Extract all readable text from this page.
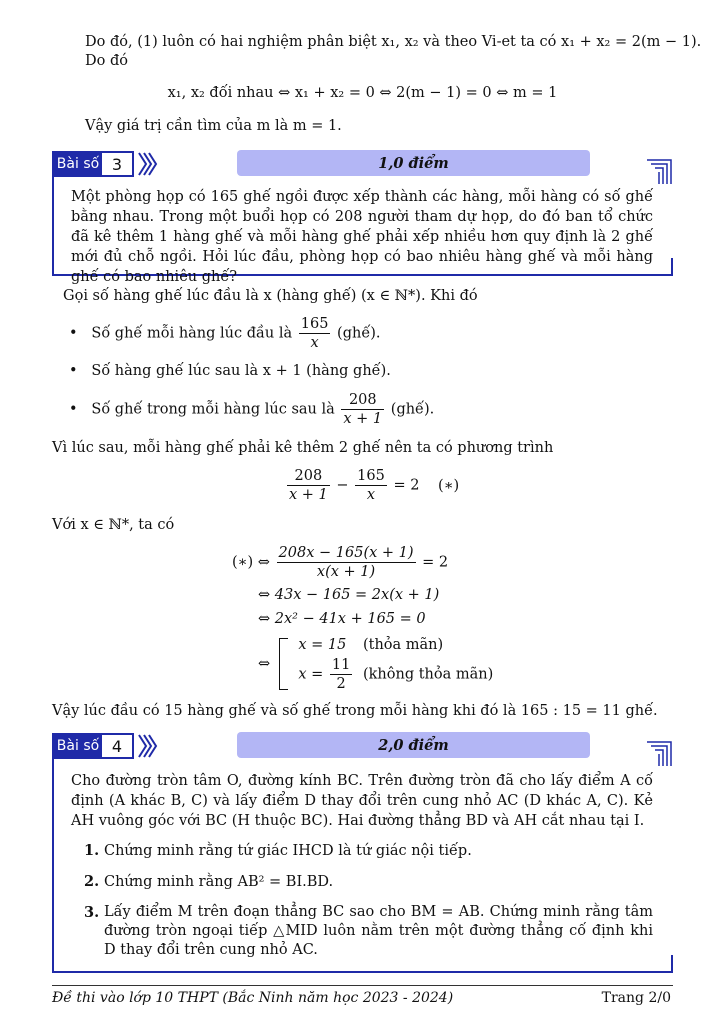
Do đó, (1) luôn có hai nghiệm phân biệt x₁, x₂ và theo Vi-et ta có x₁ + x₂ = 2(m − 1).
Do đó
x₁, x₂ đối nhau ⇔ x₁ + x₂ = 0 ⇔ 2(m − 1) = 0 ⇔ m = 1
Vậy giá trị cần tìm của m là m = 1.
Bài số 3	1,0 điểm
Một phòng họp có 165 ghế ngồi được xếp thành các hàng, mỗi hàng có số ghế bằng nhau. Trong một buổi họp có 208 người tham dự họp, do đó ban tổ chức đã kê thêm 1 hàng ghế và mỗi hàng ghế phải xếp nhiều hơn quy định là 2 ghế mới đủ chỗ ngồi. Hỏi lúc đầu, phòng họp có bao nhiêu hàng ghế và mỗi hàng ghế có bao nhiêu ghế?
Gọi số hàng ghế lúc đầu là x (hàng ghế) (x ∈ ℕ*). Khi đó
•   Số ghế mỗi hàng lúc đầu là $\frac{165}{x}$ (ghế).
•   Số hàng ghế lúc sau là x + 1 (hàng ghế).
•   Số ghế trong mỗi hàng lúc sau là $\frac{208}{x + 1}$ (ghế).
Vì lúc sau, mỗi hàng ghế phải kê thêm 2 ghế nên ta có phương trình
$\frac{208}{x + 1} - \frac{165}{x} = 2$ (∗)
Với x ∈ ℕ*, ta có
(∗) ⇔ $\frac{208x - 165(x + 1)}{x(x + 1)} = 2$
⇔ 43x − 165 = 2x(x + 1)
⇔ 2x² − 41x + 165 = 0
⇔
x = 15 (thỏa mãn)
$x = \frac{11}{2}$ (không thỏa mãn)
Vậy lúc đầu có 15 hàng ghế và số ghế trong mỗi hàng khi đó là 165 : 15 = 11 ghế.
Bài số 4	2,0 điểm
Cho đường tròn tâm O, đường kính BC. Trên đường tròn đã cho lấy điểm A cố định (A khác B, C) và lấy điểm D thay đổi trên cung nhỏ AC (D khác A, C). Kẻ AH vuông góc với BC (H thuộc BC). Hai đường thẳng BD và AH cắt nhau tại I.
1. Chứng minh rằng tứ giác IHCD là tứ giác nội tiếp.
2. Chứng minh rằng AB² = BI.BD.
3. Lấy điểm M trên đoạn thẳng BC sao cho BM = AB. Chứng minh rằng tâm đường tròn ngoại tiếp △MID luôn nằm trên một đường thẳng cố định khi D thay đổi trên cung nhỏ AC.
Đề thi vào lớp 10 THPT (Bắc Ninh năm học 2023 - 2024)	Trang 2/0
